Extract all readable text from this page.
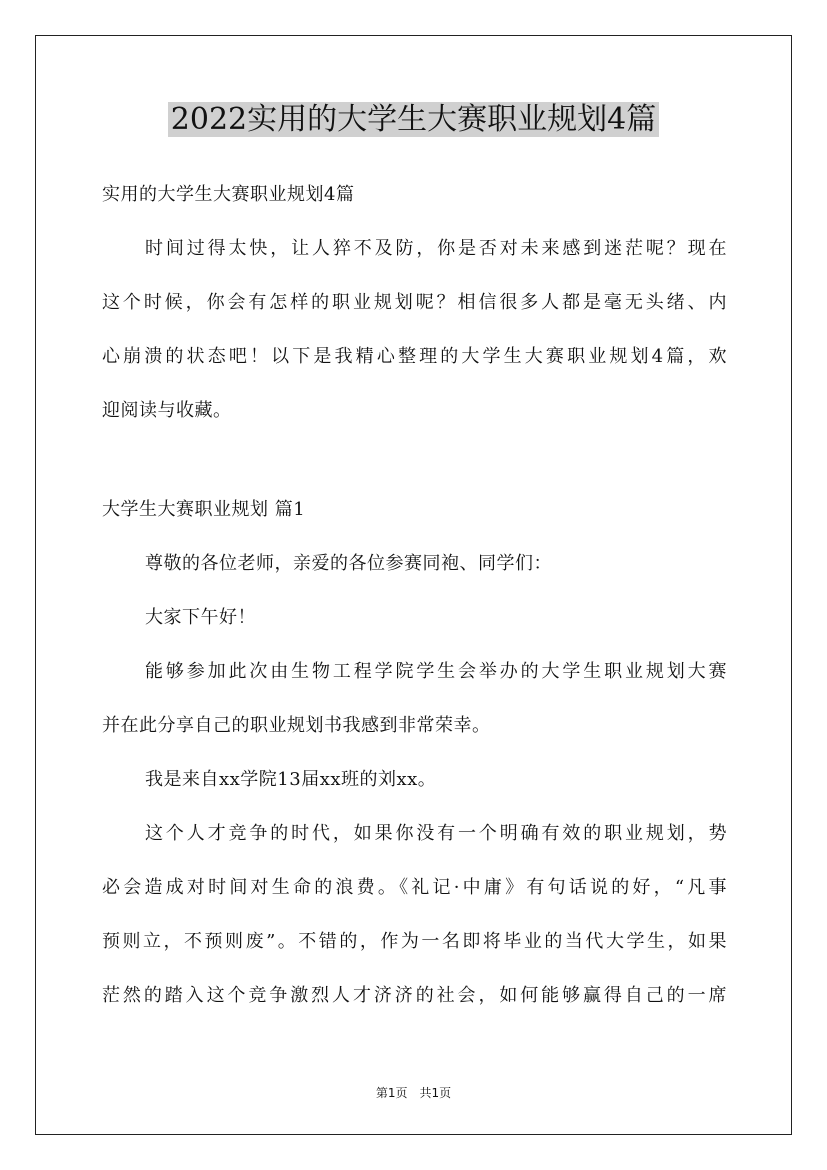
2022实用的大学生大赛职业规划4篇
实用的大学生大赛职业规划4篇
时间过得太快，让人猝不及防，你是否对未来感到迷茫呢？现在
这个时候，你会有怎样的职业规划呢？相信很多人都是毫无头绪、内
心崩溃的状态吧！以下是我精心整理的大学生大赛职业规划4篇，欢
迎阅读与收藏。
大学生大赛职业规划 篇1
尊敬的各位老师，亲爱的各位参赛同袍、同学们：
大家下午好！
能够参加此次由生物工程学院学生会举办的大学生职业规划大赛
并在此分享自己的职业规划书我感到非常荣幸。
我是来自xx学院13届xx班的刘xx。
这个人才竞争的时代，如果你没有一个明确有效的职业规划，势
必会造成对时间对生命的浪费。《礼记·中庸》有句话说的好，“凡事
预则立，不预则废”。不错的，作为一名即将毕业的当代大学生，如果
茫然的踏入这个竞争激烈人才济济的社会，如何能够赢得自己的一席
第1页　共1页
